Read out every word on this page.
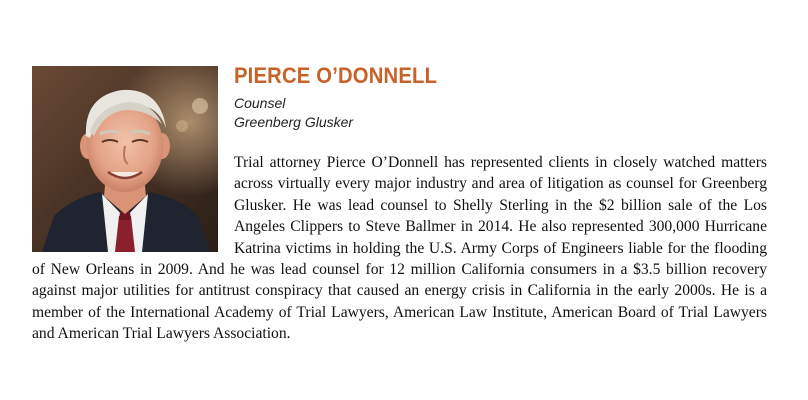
PIERCE O’DONNELL
Counsel
Greenberg Glusker

Trial attorney Pierce O’Donnell has represented clients in closely watched matters across virtually every major industry and area of litigation as counsel for Greenberg Glusker. He was lead counsel to Shelly Sterling in the $2 billion sale of the Los Angeles Clippers to Steve Ballmer in 2014. He also represented 300,000 Hurricane Katrina victims in holding the U.S. Army Corps of Engineers liable for the flooding of New Orleans in 2009. And he was lead counsel for 12 million California consumers in a $3.5 billion recovery against major utilities for antitrust conspiracy that caused an energy crisis in California in the early 2000s. He is a member of the International Academy of Trial Lawyers, American Law Institute, American Board of Trial Lawyers and American Trial Lawyers Association.
